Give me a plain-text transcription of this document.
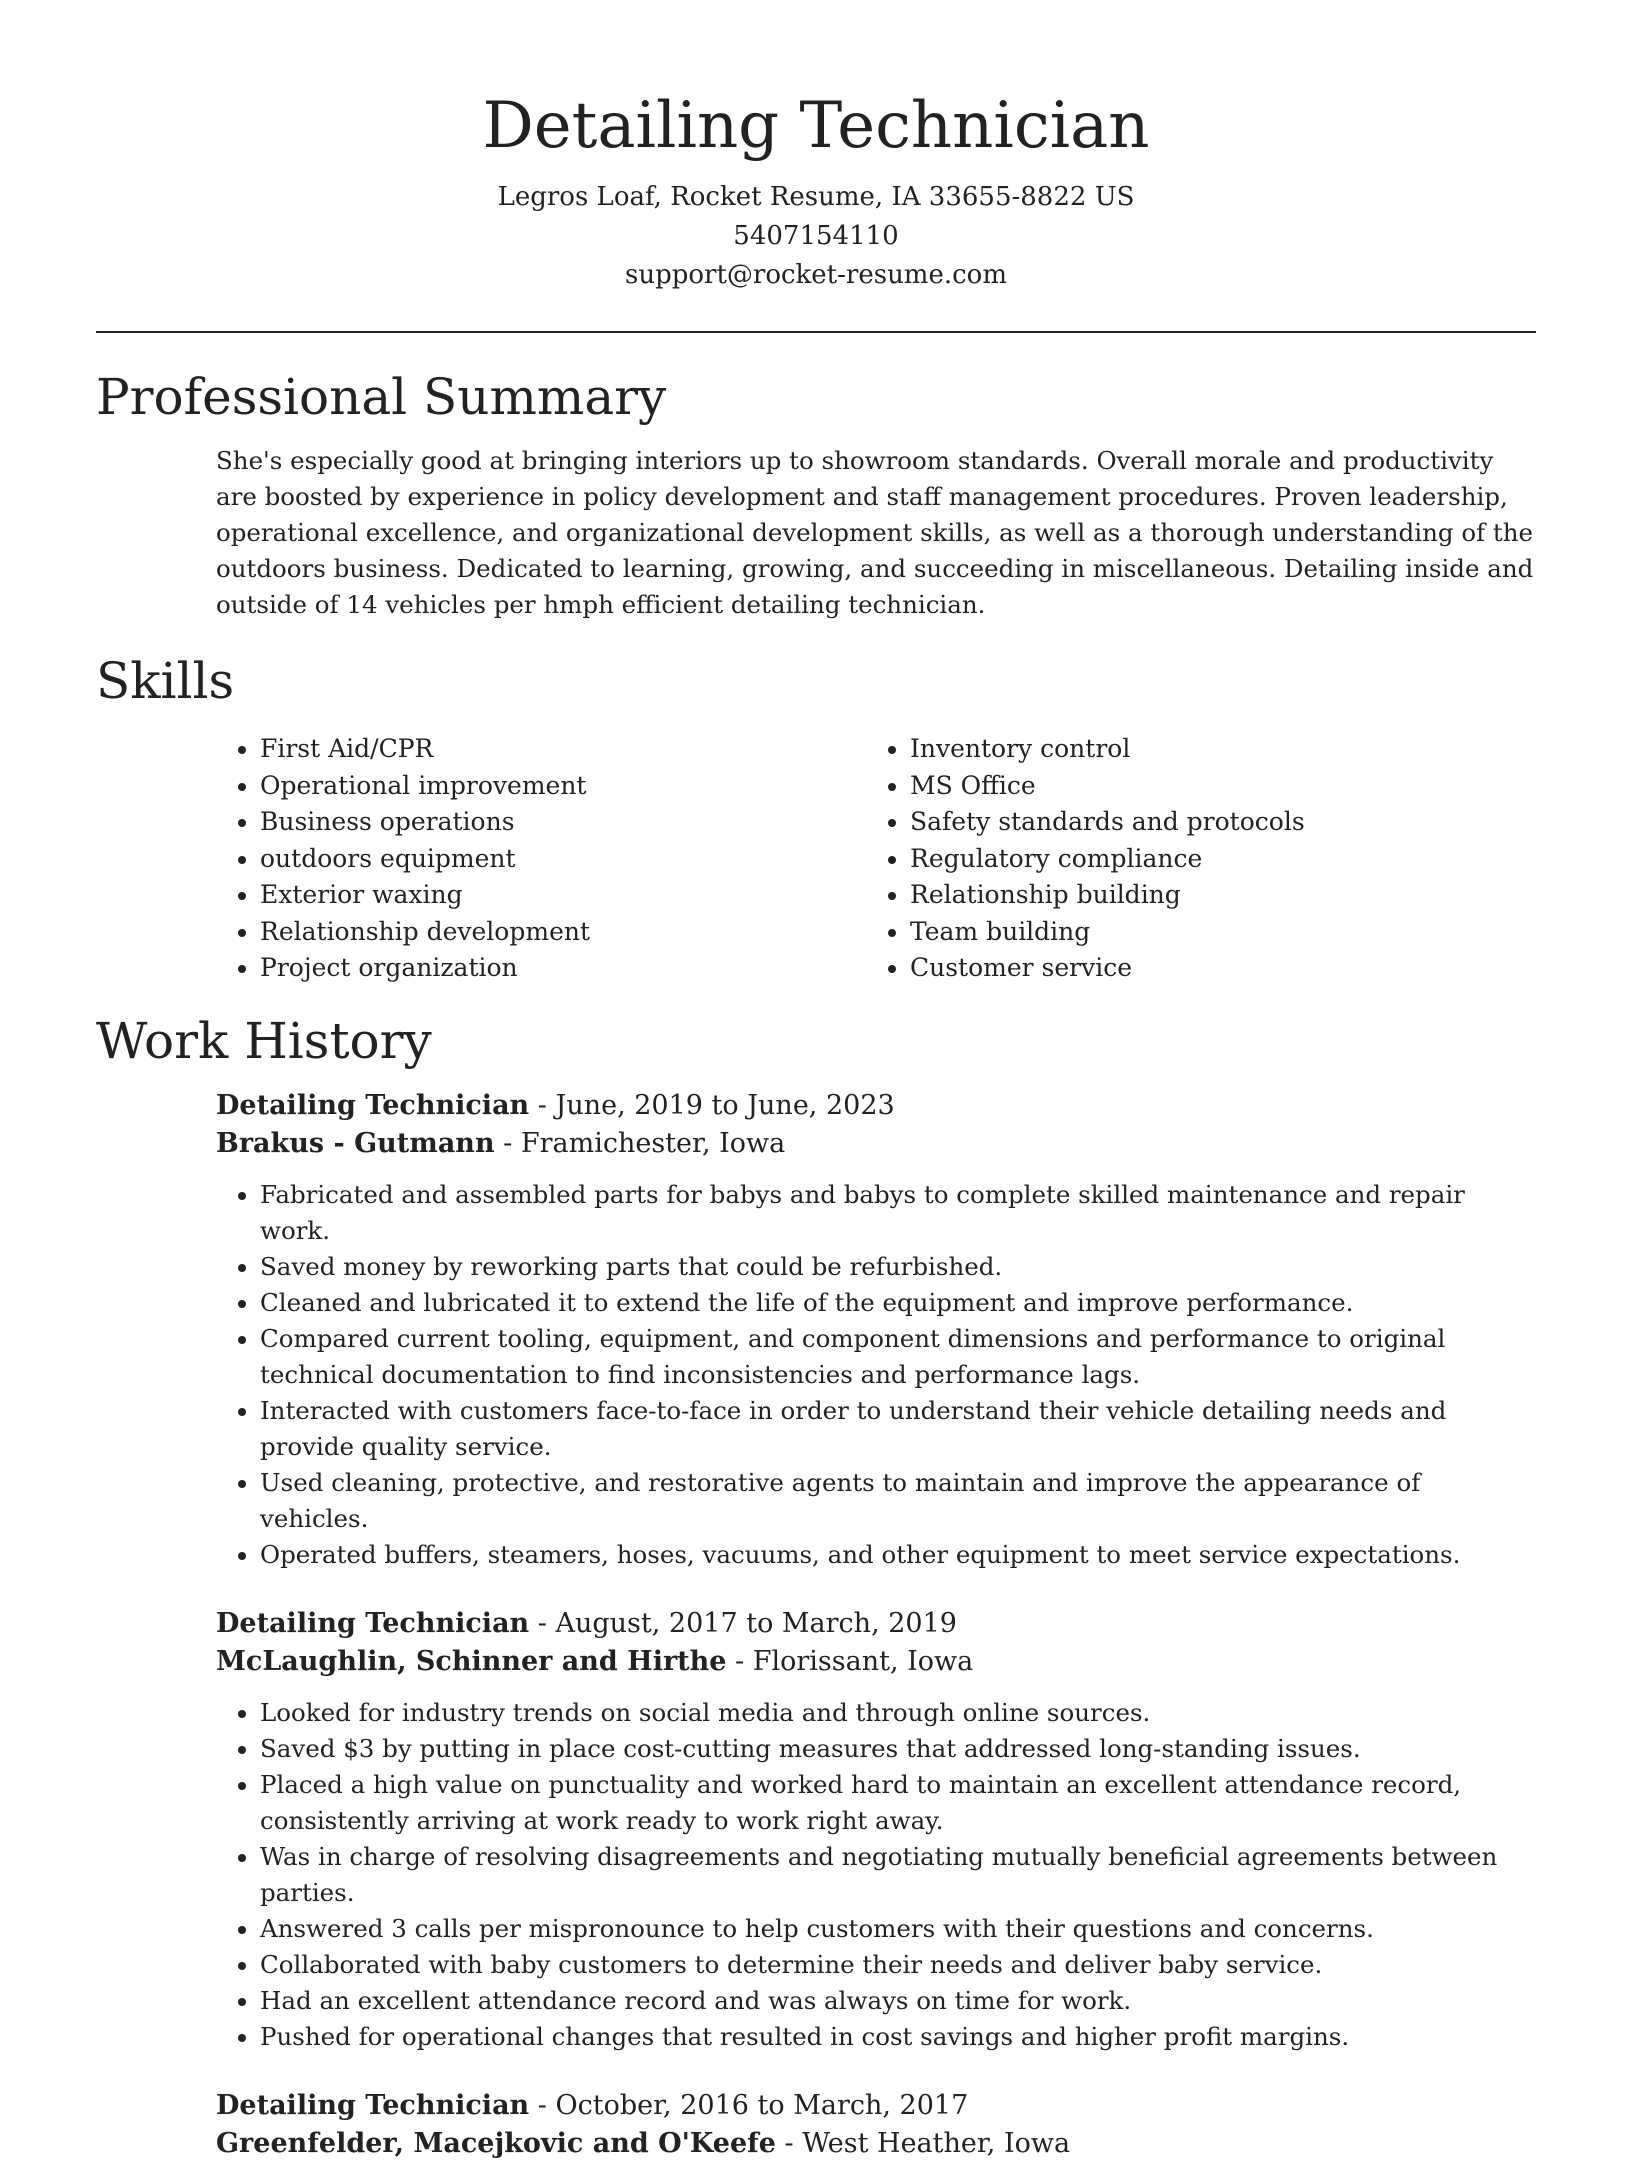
Detailing Technician

Legros Loaf, Rocket Resume, IA 33655-8822 US

5407154110

support@rocket-resume.com

Professional Summary

She's especially good at bringing interiors up to showroom standards. Overall morale and productivity are boosted by experience in policy development and staff management procedures. Proven leadership, operational excellence, and organizational development skills, as well as a thorough understanding of the outdoors business. Dedicated to learning, growing, and succeeding in miscellaneous. Detailing inside and outside of 14 vehicles per hmph efficient detailing technician.

Skills
• First Aid/CPR
• Operational improvement
• Business operations
• outdoors equipment
• Exterior waxing
• Relationship development
• Project organization
• Inventory control
• MS Office
• Safety standards and protocols
• Regulatory compliance
• Relationship building
• Team building
• Customer service
Work History

Detailing Technician - June, 2019 to June, 2023

Brakus - Gutmann - Framichester, Iowa

• Fabricated and assembled parts for babys and babys to complete skilled maintenance and repair work.
• Saved money by reworking parts that could be refurbished.
• Cleaned and lubricated it to extend the life of the equipment and improve performance.
• Compared current tooling, equipment, and component dimensions and performance to original technical documentation to find inconsistencies and performance lags.
• Interacted with customers face-to-face in order to understand their vehicle detailing needs and provide quality service.
• Used cleaning, protective, and restorative agents to maintain and improve the appearance of vehicles.
• Operated buffers, steamers, hoses, vacuums, and other equipment to meet service expectations.

Detailing Technician - August, 2017 to March, 2019

McLaughlin, Schinner and Hirthe - Florissant, Iowa

• Looked for industry trends on social media and through online sources.
• Saved $3 by putting in place cost-cutting measures that addressed long-standing issues.
• Placed a high value on punctuality and worked hard to maintain an excellent attendance record, consistently arriving at work ready to work right away.
• Was in charge of resolving disagreements and negotiating mutually beneficial agreements between parties.
• Answered 3 calls per mispronounce to help customers with their questions and concerns.
• Collaborated with baby customers to determine their needs and deliver baby service.
• Had an excellent attendance record and was always on time for work.
• Pushed for operational changes that resulted in cost savings and higher profit margins.

Detailing Technician - October, 2016 to March, 2017

Greenfelder, Macejkovic and O'Keefe - West Heather, Iowa
